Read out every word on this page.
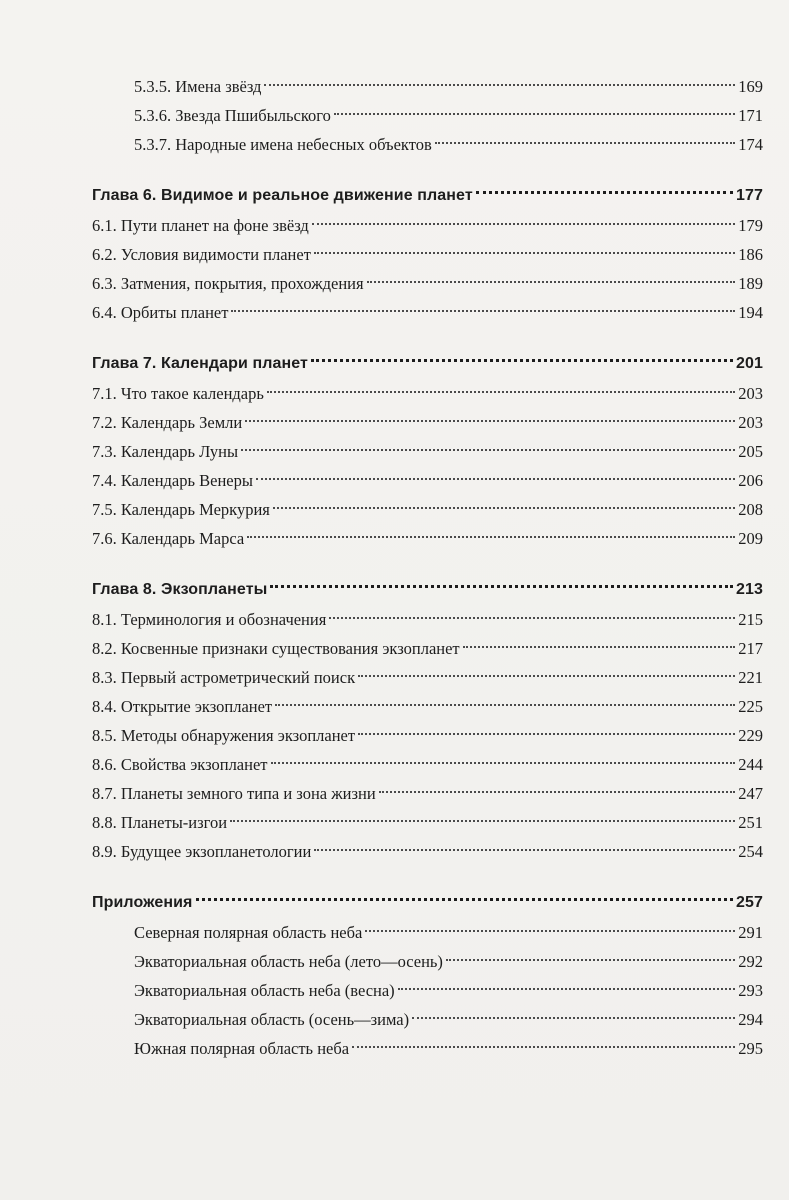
5.3.5. Имена звёзд	169
5.3.6. Звезда Пшибыльского	171
5.3.7. Народные имена небесных объектов	174
Глава 6. Видимое и реальное движение планет	177
6.1. Пути планет на фоне звёзд	179
6.2. Условия видимости планет	186
6.3. Затмения, покрытия, прохождения	189
6.4. Орбиты планет	194
Глава 7. Календари планет	201
7.1. Что такое календарь	203
7.2. Календарь Земли	203
7.3. Календарь Луны	205
7.4. Календарь Венеры	206
7.5. Календарь Меркурия	208
7.6. Календарь Марса	209
Глава 8. Экзопланеты	213
8.1. Терминология и обозначения	215
8.2. Косвенные признаки существования экзопланет	217
8.3. Первый астрометрический поиск	221
8.4. Открытие экзопланет	225
8.5. Методы обнаружения экзопланет	229
8.6. Свойства экзопланет	244
8.7. Планеты земного типа и зона жизни	247
8.8. Планеты-изгои	251
8.9. Будущее экзопланетологии	254
Приложения	257
Северная полярная область неба	291
Экваториальная область неба (лето—осень)	292
Экваториальная область неба (весна)	293
Экваториальная область (осень—зима)	294
Южная полярная область неба	295
